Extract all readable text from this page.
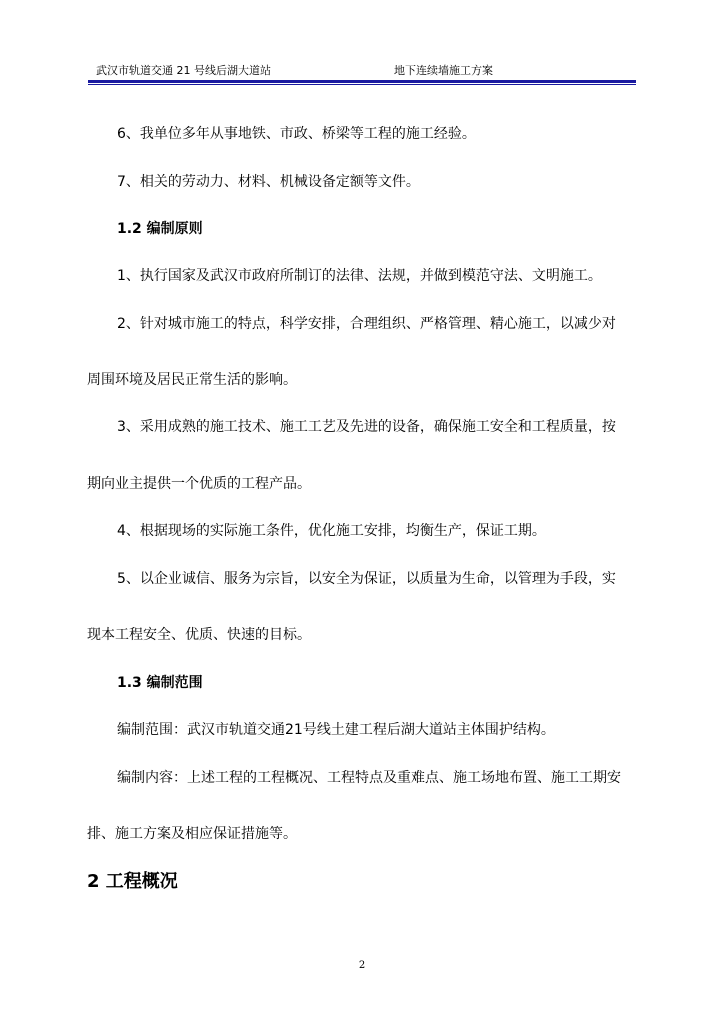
武汉市轨道交通 21 号线后湖大道站	地下连续墙施工方案
6、我单位多年从事地铁、市政、桥梁等工程的施工经验。
7、相关的劳动力、材料、机械设备定额等文件。
1.2 编制原则
1、执行国家及武汉市政府所制订的法律、法规，并做到模范守法、文明施工。
2、针对城市施工的特点，科学安排，合理组织、严格管理、精心施工，以减少对
周围环境及居民正常生活的影响。
3、采用成熟的施工技术、施工工艺及先进的设备，确保施工安全和工程质量，按
期向业主提供一个优质的工程产品。
4、根据现场的实际施工条件，优化施工安排，均衡生产，保证工期。
5、以企业诚信、服务为宗旨，以安全为保证，以质量为生命，以管理为手段，实
现本工程安全、优质、快速的目标。
1.3 编制范围
编制范围：武汉市轨道交通21号线土建工程后湖大道站主体围护结构。
编制内容：上述工程的工程概况、工程特点及重难点、施工场地布置、施工工期安
排、施工方案及相应保证措施等。
2 工程概况
2
